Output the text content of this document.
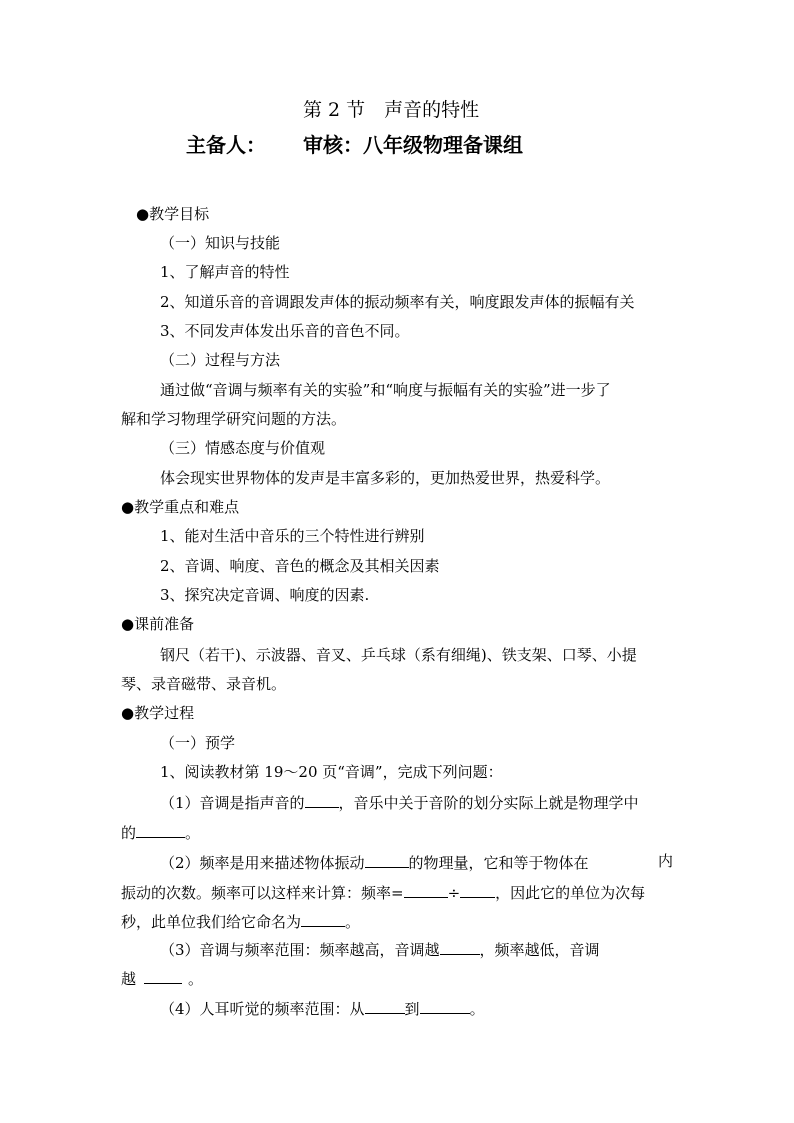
第 2 节　声音的特性
主备人： 审核：八年级物理备课组
●教学目标
（一）知识与技能
1、了解声音的特性
2、知道乐音的音调跟发声体的振动频率有关，响度跟发声体的振幅有关
3、不同发声体发出乐音的音色不同。
（二）过程与方法
通过做“音调与频率有关的实验”和“响度与振幅有关的实验”进一步了
解和学习物理学研究问题的方法。
（三）情感态度与价值观
体会现实世界物体的发声是丰富多彩的，更加热爱世界，热爱科学。
●教学重点和难点
1、能对生活中音乐的三个特性进行辨别
2、音调、响度、音色的概念及其相关因素
3、探究决定音调、响度的因素.
●课前准备
钢尺（若干)、示波器、音叉、乒乓球（系有细绳)、铁支架、口琴、小提
琴、录音磁带、录音机。
●教学过程
（一）预学
1、阅读教材第 19～20 页“音调”，完成下列问题：
（1）音调是指声音的 ，音乐中关于音阶的划分实际上就是物理学中
的	。
（2）频率是用来描述物体振动	的物理量，它和等于物体在	内
振动的次数。频率可以这样来计算：频率=	÷ ，因此它的单位为次每
秒，此单位我们给它命名为	。
（3）音调与频率范围：频率越高，音调越	，频率越低，音调
越	。
（4）人耳听觉的频率范围：从	到	。
